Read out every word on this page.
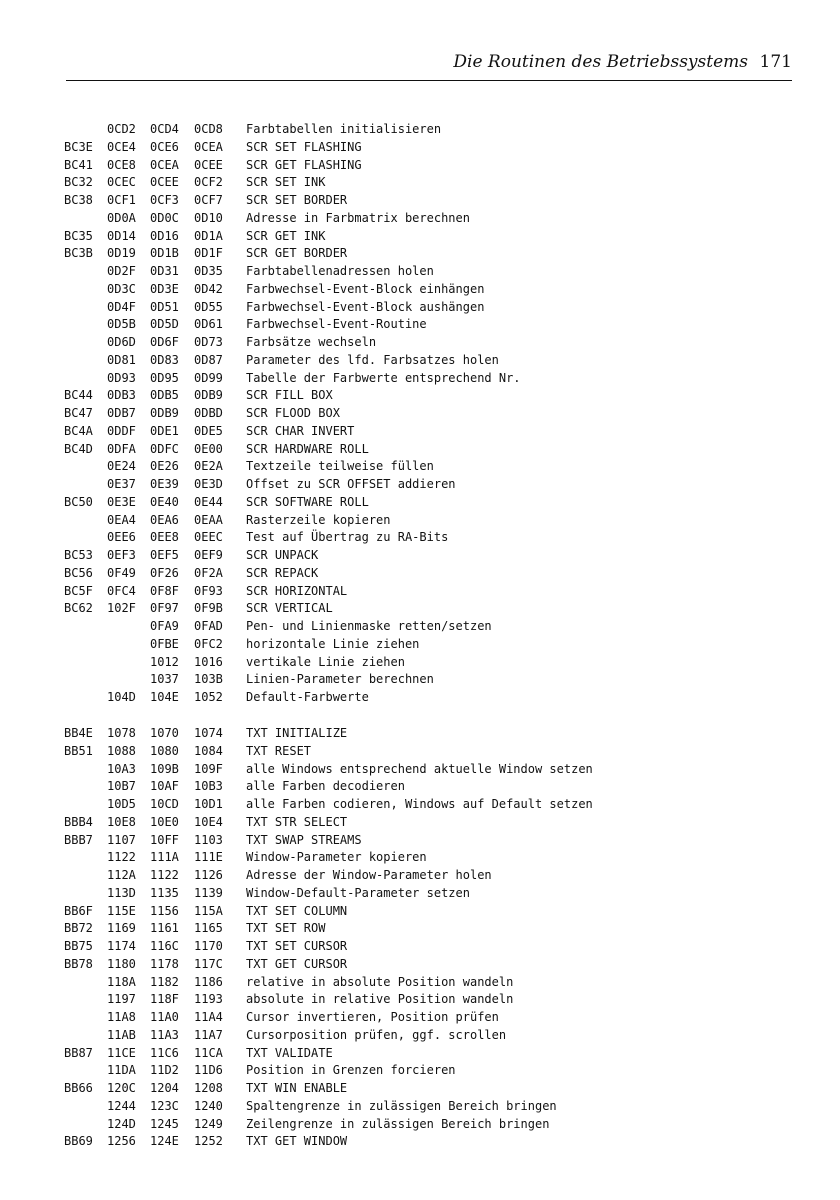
Die Routinen des Betriebssystems 171
0CD2 0CD4 0CD8 Farbtabellen initialisieren
BC3E 0CE4 0CE6 0CEA SCR SET FLASHING
BC41 0CE8 0CEA 0CEE SCR GET FLASHING
BC32 0CEC 0CEE 0CF2 SCR SET INK
BC38 0CF1 0CF3 0CF7 SCR SET BORDER
0D0A 0D0C 0D10 Adresse in Farbmatrix berechnen
BC35 0D14 0D16 0D1A SCR GET INK
BC3B 0D19 0D1B 0D1F SCR GET BORDER
0D2F 0D31 0D35 Farbtabellenadressen holen
0D3C 0D3E 0D42 Farbwechsel-Event-Block einhängen
0D4F 0D51 0D55 Farbwechsel-Event-Block aushängen
0D5B 0D5D 0D61 Farbwechsel-Event-Routine
0D6D 0D6F 0D73 Farbsätze wechseln
0D81 0D83 0D87 Parameter des lfd. Farbsatzes holen
0D93 0D95 0D99 Tabelle der Farbwerte entsprechend Nr.
BC44 0DB3 0DB5 0DB9 SCR FILL BOX
BC47 0DB7 0DB9 0DBD SCR FLOOD BOX
BC4A 0DDF 0DE1 0DE5 SCR CHAR INVERT
BC4D 0DFA 0DFC 0E00 SCR HARDWARE ROLL
0E24 0E26 0E2A Textzeile teilweise füllen
0E37 0E39 0E3D Offset zu SCR OFFSET addieren
BC50 0E3E 0E40 0E44 SCR SOFTWARE ROLL
0EA4 0EA6 0EAA Rasterzeile kopieren
0EE6 0EE8 0EEC Test auf Übertrag zu RA-Bits
BC53 0EF3 0EF5 0EF9 SCR UNPACK
BC56 0F49 0F26 0F2A SCR REPACK
BC5F 0FC4 0F8F 0F93 SCR HORIZONTAL
BC62 102F 0F97 0F9B SCR VERTICAL
0FA9 0FAD Pen- und Linienmaske retten/setzen
0FBE 0FC2 horizontale Linie ziehen
1012 1016 vertikale Linie ziehen
1037 103B Linien-Parameter berechnen
104D 104E 1052 Default-Farbwerte
BB4E 1078 1070 1074 TXT INITIALIZE
BB51 1088 1080 1084 TXT RESET
10A3 109B 109F alle Windows entsprechend aktuelle Window setzen
10B7 10AF 10B3 alle Farben decodieren
10D5 10CD 10D1 alle Farben codieren, Windows auf Default setzen
BBB4 10E8 10E0 10E4 TXT STR SELECT
BBB7 1107 10FF 1103 TXT SWAP STREAMS
1122 111A 111E Window-Parameter kopieren
112A 1122 1126 Adresse der Window-Parameter holen
113D 1135 1139 Window-Default-Parameter setzen
BB6F 115E 1156 115A TXT SET COLUMN
BB72 1169 1161 1165 TXT SET ROW
BB75 1174 116C 1170 TXT SET CURSOR
BB78 1180 1178 117C TXT GET CURSOR
118A 1182 1186 relative in absolute Position wandeln
1197 118F 1193 absolute in relative Position wandeln
11A8 11A0 11A4 Cursor invertieren, Position prüfen
11AB 11A3 11A7 Cursorposition prüfen, ggf. scrollen
BB87 11CE 11C6 11CA TXT VALIDATE
11DA 11D2 11D6 Position in Grenzen forcieren
BB66 120C 1204 1208 TXT WIN ENABLE
1244 123C 1240 Spaltengrenze in zulässigen Bereich bringen
124D 1245 1249 Zeilengrenze in zulässigen Bereich bringen
BB69 1256 124E 1252 TXT GET WINDOW
